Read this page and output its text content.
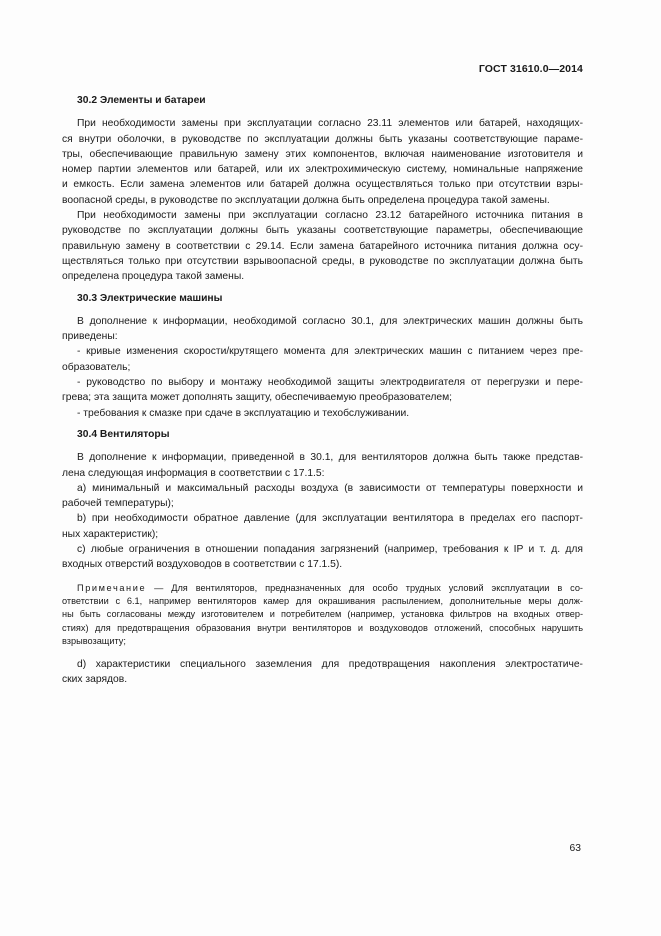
ГОСТ 31610.0—2014
30.2 Элементы и батареи

При необходимости замены при эксплуатации согласно 23.11 элементов или батарей, находящих-
ся внутри оболочки, в руководстве по эксплуатации должны быть указаны соответствующие параме-
тры, обеспечивающие правильную замену этих компонентов, включая наименование изготовителя и
номер партии элементов или батарей, или их электрохимическую систему, номинальные напряжение
и емкость. Если замена элементов или батарей должна осуществляться только при отсутствии взры-
воопасной среды, в руководстве по эксплуатации должна быть определена процедура такой замены.

При необходимости замены при эксплуатации согласно 23.12 батарейного источника питания в
руководстве по эксплуатации должны быть указаны соответствующие параметры, обеспечивающие
правильную замену в соответствии с 29.14. Если замена батарейного источника питания должна осу-
ществляться только при отсутствии взрывоопасной среды, в руководстве по эксплуатации должна быть
определена процедура такой замены.

30.3 Электрические машины

В дополнение к информации, необходимой согласно 30.1, для электрических машин должны быть
приведены:

- кривые изменения скорости/крутящего момента для электрических машин с питанием через пре-
образователь;

- руководство по выбору и монтажу необходимой защиты электродвигателя от перегрузки и пере-
грева; эта защита может дополнять защиту, обеспечиваемую преобразователем;

- требования к смазке при сдаче в эксплуатацию и техобслуживании.

30.4 Вентиляторы

В дополнение к информации, приведенной в 30.1, для вентиляторов должна быть также представ-
лена следующая информация в соответствии с 17.1.5:

a) минимальный и максимальный расходы воздуха (в зависимости от температуры поверхности и
рабочей температуры);

b) при необходимости обратное давление (для эксплуатации вентилятора в пределах его паспорт-
ных характеристик);

c) любые ограничения в отношении попадания загрязнений (например, требования к IP и т. д. для
входных отверстий воздуховодов в соответствии с 17.1.5).

Примечание — Для вентиляторов, предназначенных для особо трудных условий эксплуатации в со-
ответствии с 6.1, например вентиляторов камер для окрашивания распылением, дополнительные меры долж-
ны быть согласованы между изготовителем и потребителем (например, установка фильтров на входных отвер-
стиях) для предотвращения образования внутри вентиляторов и воздуховодов отложений, способных нарушить
взрывозащиту;

d) характеристики специального заземления для предотвращения накопления электростатиче-
ских зарядов.

63
